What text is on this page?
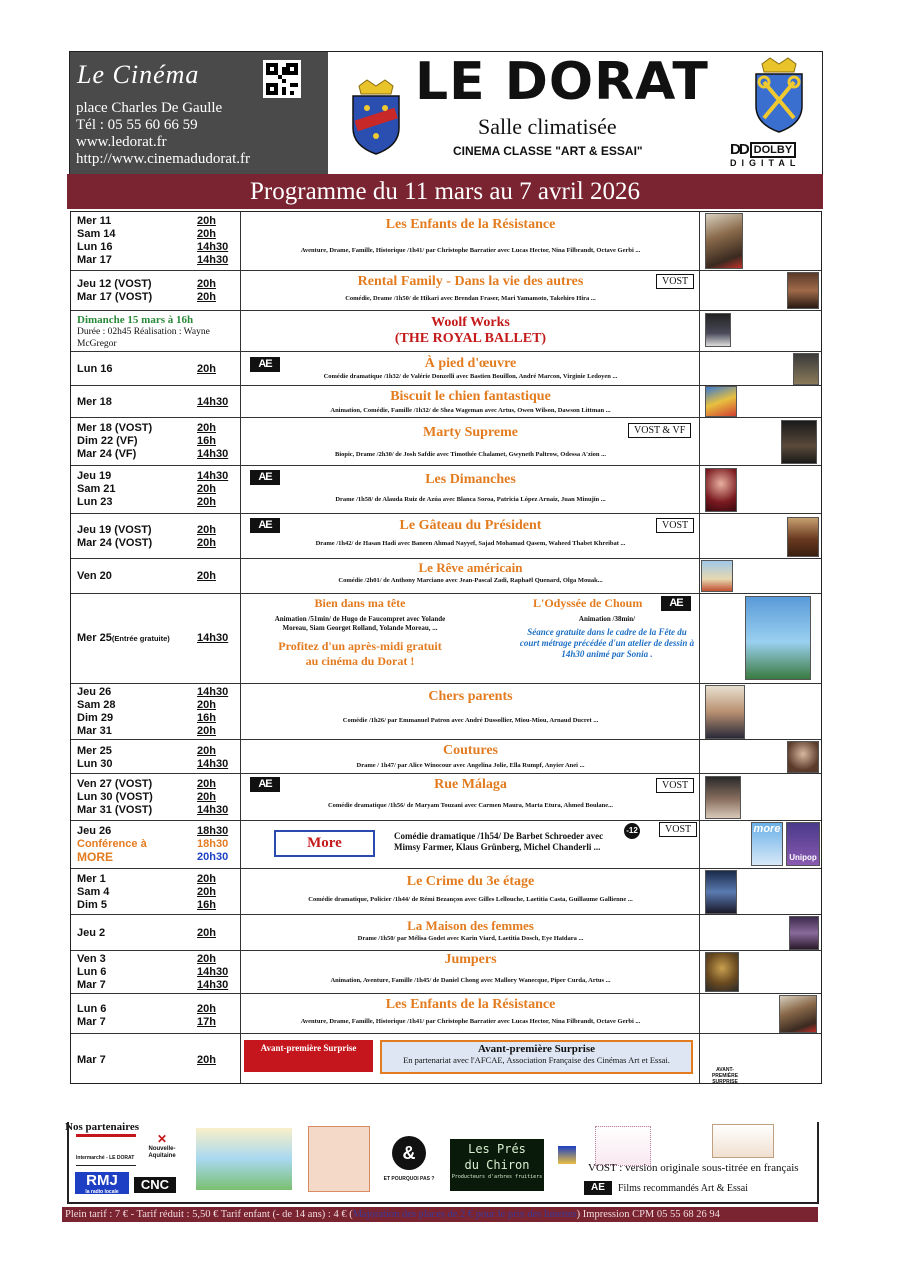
Le Cinéma
place Charles De Gaulle
Tél : 05 55 60 66 59
www.ledorat.fr
http://www.cinemadudorat.fr
LE DORAT
Salle climatisée
CINEMA CLASSE "ART & ESSAI"	DD DOLBY
DIGITAL
Programme du 11 mars au 7 avril 2026
Mer 11	20h
Sam 14	20h
Lun 16	14h30
Mar 17	14h30
Les Enfants de la Résistance
Aventure, Drame, Famille, Historique /1h41/ par Christophe Barratier avec Lucas Hector, Nina Filbrandt, Octave Gerbi ...
Jeu 12 (VOST)	20h
Mar 17 (VOST)	20h
Rental Family - Dans la vie des autres
Comédie, Drame /1h50/ de Hikari avec Brendan Fraser, Mari Yamamoto, Takehiro Hira ...
VOST
Dimanche 15 mars à 16h
Durée : 02h45 Réalisation : Wayne McGregor
Woolf Works
(THE ROYAL BALLET)
Lun 16	20h	À pied d'œuvre
Comédie dramatique /1h32/ de Valérie Donzelli avec Bastien Bouillon, André Marcon, Virginie Ledoyen ...
AE
Mer 18	14h30	Biscuit le chien fantastique
Animation, Comédie, Famille /1h32/ de Shea Wageman avec Artus, Owen Wilson, Dawson Littman ...
Mer 18 (VOST)	20h
Dim 22 (VF)	16h
Mar 24 (VF)	14h30
Marty Supreme
Biopic, Drame /2h30/ de Josh Safdie avec Timothée Chalamet, Gwyneth Paltrow, Odessa A'zion ...
VOST & VF
Jeu 19	14h30
Sam 21	20h
Lun 23	20h
Les Dimanches
Drame /1h58/ de Alauda Ruiz de Azúa avec Blanca Soroa, Patricia López Arnaiz, Juan Minujín ...
AE
Jeu 19 (VOST)	20h
Mar 24 (VOST)	20h
Le Gâteau du Président
Drame /1h42/ de Hasan Hadi avec Baneen Ahmad Nayyef, Sajad Mohamad Qasem, Waheed Thabet Khreibat ...
AE	VOST
Ven 20	20h
Le Rêve américain
Comédie /2h01/ de Anthony Marciano avec Jean-Pascal Zadi, Raphaël Quenard, Olga Mouak...
Mer 25(Entrée gratuite)	14h30
Bien dans ma tête
Animation /51min/ de Hugo de Faucompret avec Yolande Moreau, Siam Georget Rolland, Yolande Moreau, ...
Profitez d'un après-midi gratuit au cinéma du Dorat !
L'Odyssée de Choum
Animation /38min/
Séance gratuite dans le cadre de la Fête du court métrage précédée d'un atelier de dessin à 14h30 animé par Sonia .
AE
Jeu 26	14h30
Sam 28	20h
Dim 29	16h
Mar 31	20h
Chers parents
Comédie /1h26/ par Emmanuel Patron avec André Dussollier, Miou-Miou, Arnaud Ducret ...
Mer 25	20h
Lun 30	14h30
Coutures
Drame / 1h47/ par Alice Winocour avec Angelina Jolie, Ella Rumpf, Anyier Anei ...
Ven 27 (VOST)	20h
Lun 30 (VOST)	20h
Mar 31 (VOST)	14h30
Rue Málaga
Comédie dramatique /1h56/ de Maryam Touzani avec Carmen Maura, Marta Etura, Ahmed Boulane...
AE	VOST
Jeu 26	18h30
Conférence à	18h30
MORE	20h30
More	Comédie dramatique /1h54/ De Barbet Schroeder avec Mimsy Farmer, Klaus Grünberg, Michel Chanderli ...
-12	VOST	more
Unipop
Mer 1	20h
Sam 4	20h
Dim 5	16h
Le Crime du 3e étage
Comédie dramatique, Policier /1h44/ de Rémi Bezançon avec Gilles Lellouche, Laetitia Casta, Guillaume Gallienne ...
Jeu 2	20h	La Maison des femmes
Drame /1h50/ par Mélisa Godet avec Karin Viard, Laetitia Dosch, Eye Haïdara ...
Ven 3	20h
Lun 6	14h30
Mar 7	14h30
Jumpers
Animation, Aventure, Famille /1h45/ de Daniel Chong avec Mallory Wanecque, Piper Curda, Artus ...
Lun 6	20h
Mar 7	17h
Les Enfants de la Résistance
Aventure, Drame, Famille, Historique /1h41/ par Christophe Barratier avec Lucas Hector, Nina Filbrandt, Octave Gerbi ...
Mar 7	20h
Avant-première Surprise	Avant-première Surprise
En partenariat avec l'AFCAE, Association Française des Cinémas Art et Essai.
AVANT-PREMIÈRE SURPRISE
Nos partenaires
Intermarché - LE DORAT
✕
Nouvelle-Aquitaine
RMJ
la radio locale	CNC
&
ET POURQUOI PAS ?
Les Prés
du Chiron
Producteurs d'arbres fruitiers
VOST : version originale sous-titrée en français
AE	Films recommandés Art & Essai
Plein tarif : 7 € - Tarif réduit : 5,50 € Tarif enfant (- de 14 ans) : 4 € (Majoration des places de 2 € pour le prix des lunettes) Impression CPM 05 55 68 26 94
